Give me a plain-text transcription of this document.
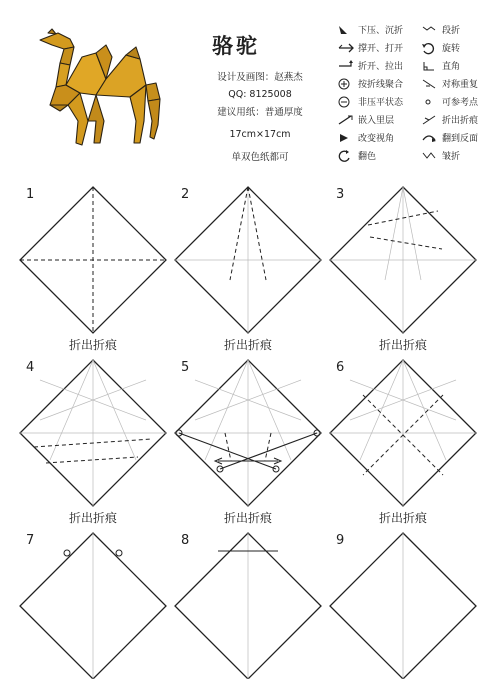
骆驼
设计及画图：赵燕杰
QQ: 8125008
建议用纸：普通厚度
17cm×17cm
单双色纸都可
下压、沉折
撑开、打开
折开、拉出
按折线聚合
非压平状态
嵌入里层
改变视角
翻色
段折
旋转
直角
对称重复
可参考点
折出折痕
翻到反面
皱折
1
折出折痕
2
折出折痕
3
折出折痕
4
折出折痕
5
折出折痕
6
折出折痕
7	8	9
